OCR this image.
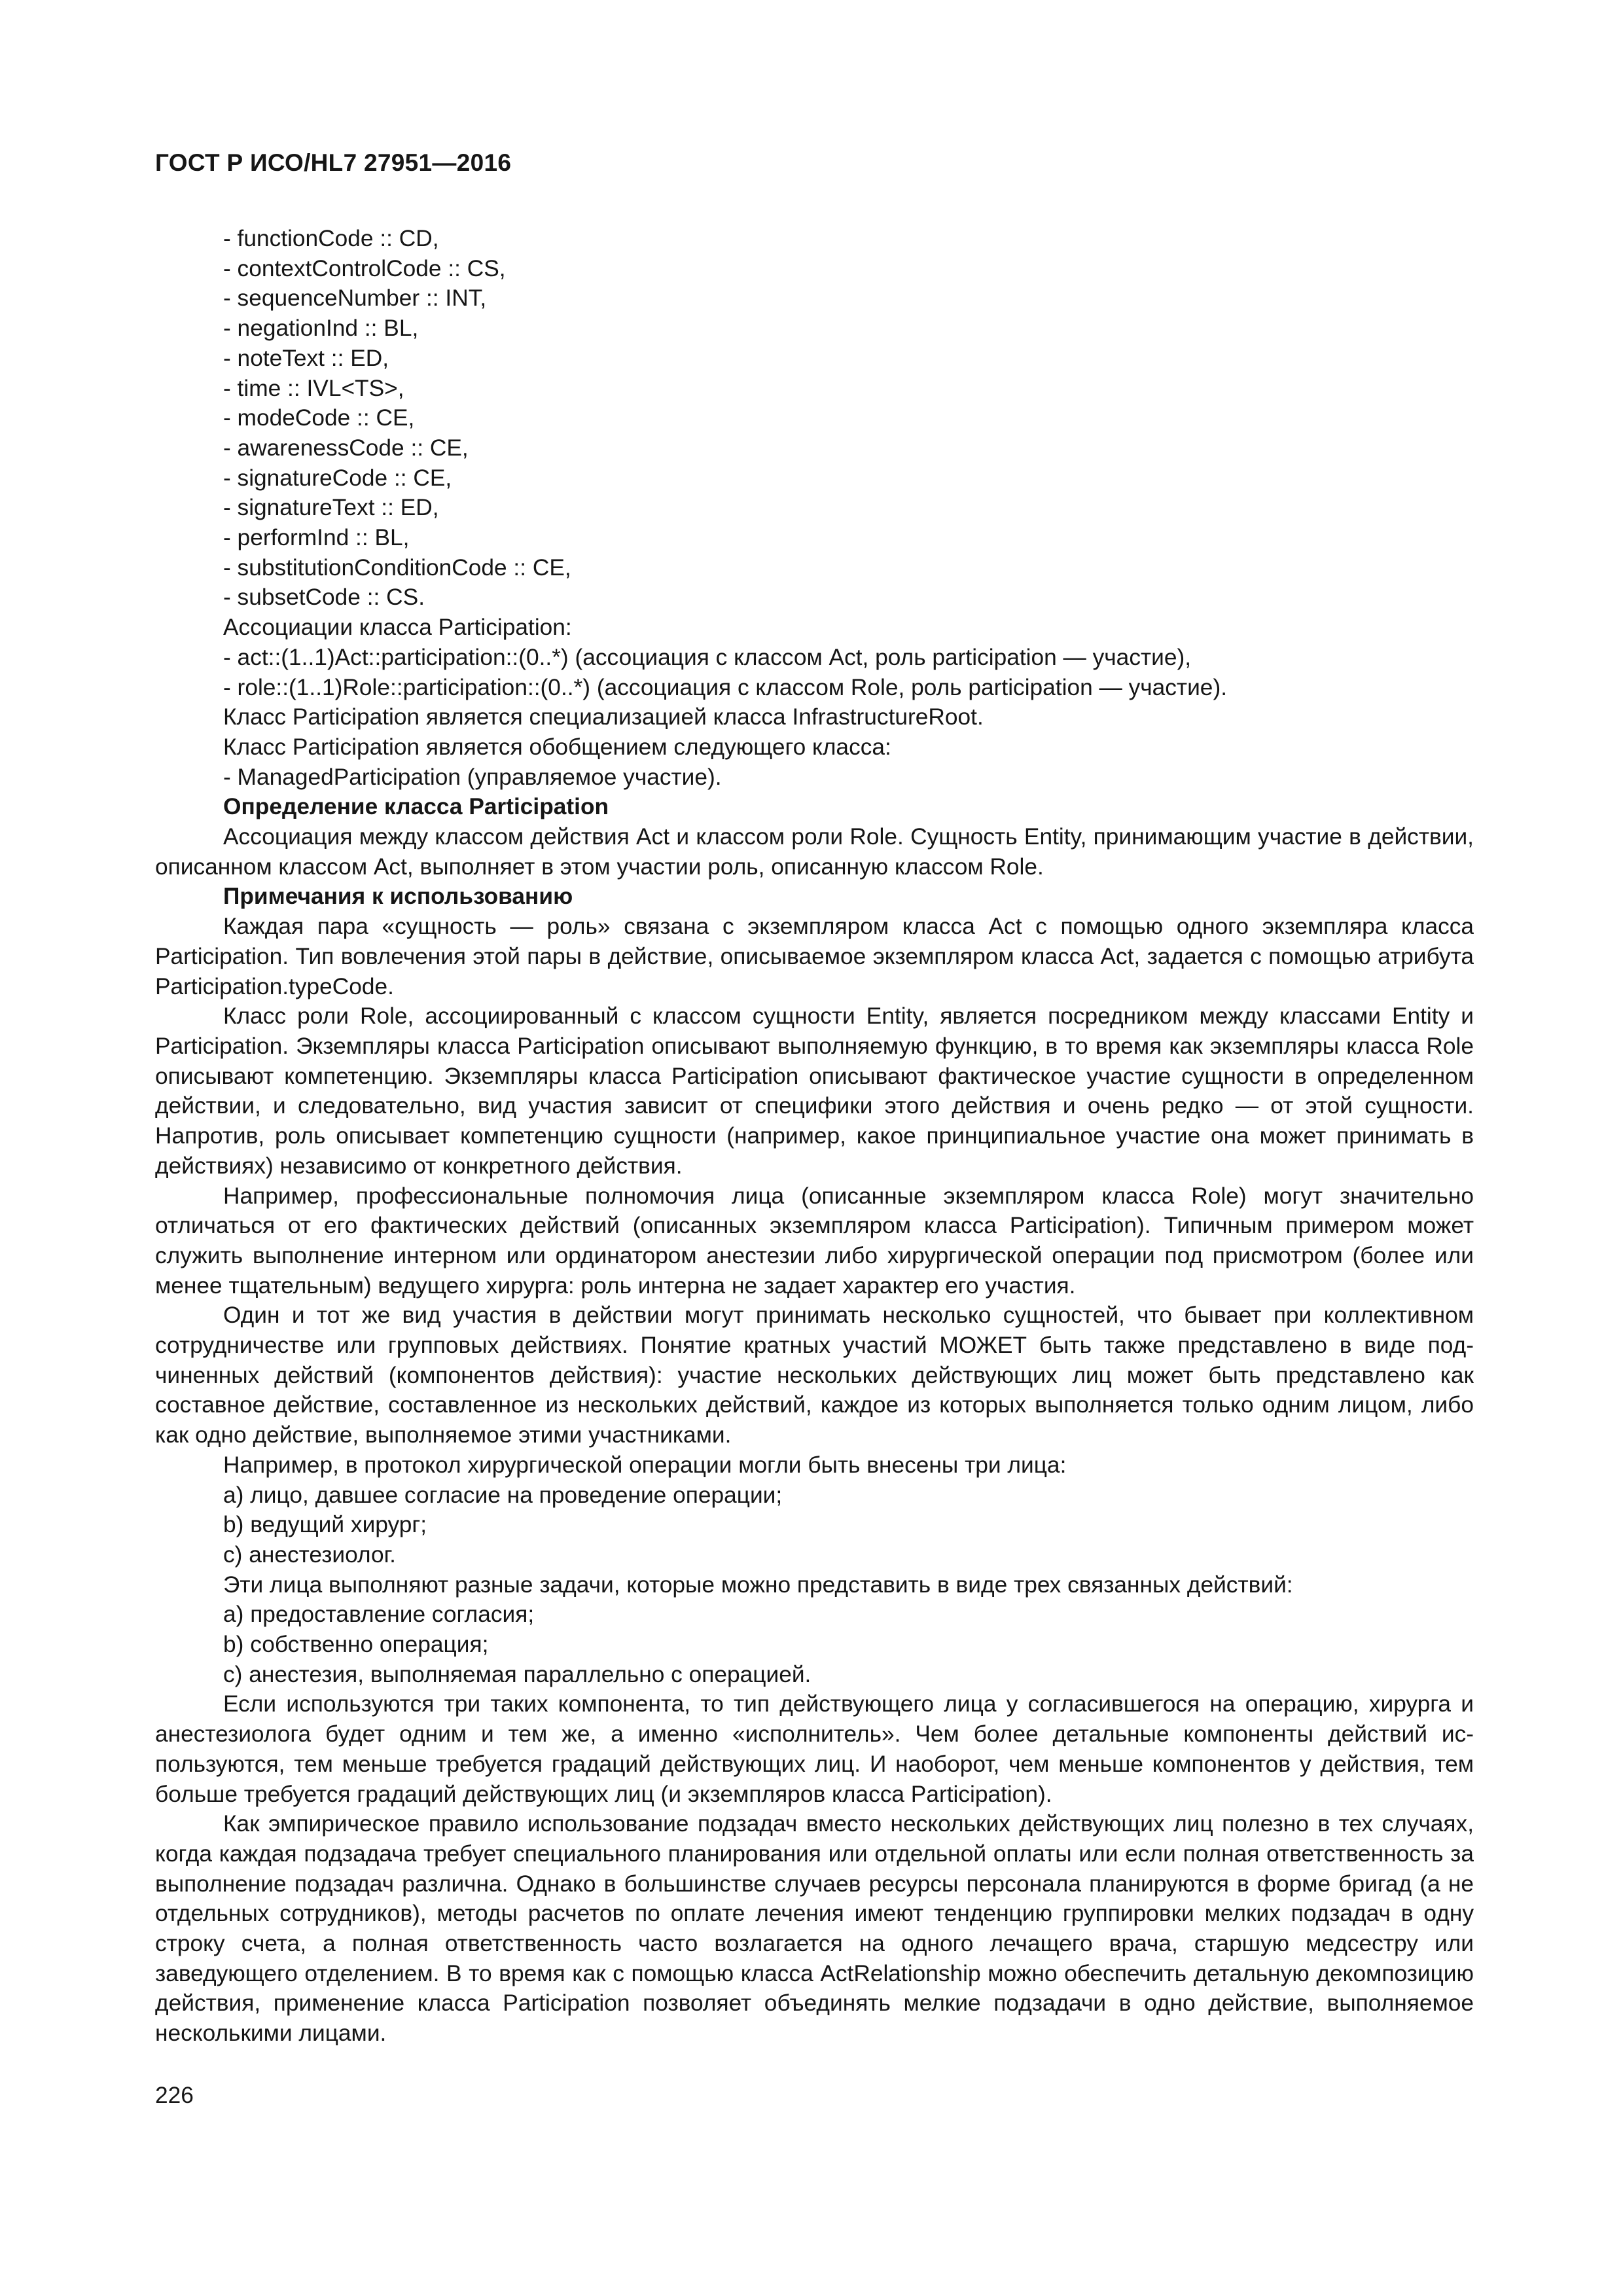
ГОСТ Р ИСО/HL7 27951—2016

- functionCode :: CD,

- contextControlCode :: CS,

- sequenceNumber :: INT,

- negationInd :: BL,

- noteText :: ED,

- time :: IVL<TS>,

- modeCode :: CE,

- awarenessCode :: CE,

- signatureCode :: CE,

- signatureText :: ED,

- performInd :: BL,

- substitutionConditionCode :: CE,

- subsetCode :: CS.

Ассоциации класса Participation:

- act::(1..1)Act::participation::(0..*) (ассоциация с классом Act, роль participation — участие),

- role::(1..1)Role::participation::(0..*) (ассоциация с классом Role, роль participation — участие).

Класс Participation является специализацией класса InfrastructureRoot.

Класс Participation является обобщением следующего класса:

- ManagedParticipation (управляемое участие).

Определение класса Participation

Ассоциация между классом действия Act и классом роли Role. Сущность Entity, принимающим участие в действии, описанном классом Act, выполняет в этом участии роль, описанную классом Role.

Примечания к использованию

Каждая пара «сущность — роль» связана с экземпляром класса Act с помощью одного экземпляра класса Participation. Тип вовлечения этой пары в действие, описываемое экземпляром класса Act, задается с помощью атрибута Participation.typeCode.

Класс роли Role, ассоциированный с классом сущности Entity, является посредником между классами Entity и Participation. Экземпляры класса Participation описывают выполняемую функцию, в то время как экземпляры класса Role описывают компетенцию. Экземпляры класса Participation описывают фактическое участие сущности в определенном действии, и следовательно, вид участия зависит от специфики этого действия и очень редко — от этой сущности. Напротив, роль описывает компетенцию сущности (например, какое принципиальное участие она может принимать в действиях) независимо от конкретного действия.

Например, профессиональные полномочия лица (описанные экземпляром класса Role) могут значительно отличаться от его фактических действий (описанных экземпляром класса Participation). Типичным примером может служить выполнение интерном или ординатором анестезии либо хирургической операции под присмотром (более или менее тщательным) ведущего хирурга: роль интерна не задает характер его участия.

Один и тот же вид участия в действии могут принимать несколько сущностей, что бывает при коллективном сотрудничестве или групповых действиях. Понятие кратных участий МОЖЕТ быть также представлено в виде подчиненных действий (компонентов действия): участие нескольких действующих лиц может быть представлено как составное действие, составленное из нескольких действий, каждое из которых выполняется только одним лицом, либо как одно действие, выполняемое этими участниками.

Например, в протокол хирургической операции могли быть внесены три лица:

a) лицо, давшее согласие на проведение операции;

b) ведущий хирург;

c) анестезиолог.

Эти лица выполняют разные задачи, которые можно представить в виде трех связанных действий:

a) предоставление согласия;

b) собственно операция;

c) анестезия, выполняемая параллельно с операцией.

Если используются три таких компонента, то тип действующего лица у согласившегося на операцию, хирурга и анестезиолога будет одним и тем же, а именно «исполнитель». Чем более детальные компоненты действий используются, тем меньше требуется градаций действующих лиц. И наоборот, чем меньше компонентов у действия, тем больше требуется градаций действующих лиц (и экземпляров класса Participation).

Как эмпирическое правило использование подзадач вместо нескольких действующих лиц полезно в тех случаях, когда каждая подзадача требует специального планирования или отдельной оплаты или если полная ответственность за выполнение подзадач различна. Однако в большинстве случаев ресурсы персонала планируются в форме бригад (а не отдельных сотрудников), методы расчетов по оплате лечения имеют тенденцию группировки мелких подзадач в одну строку счета, а полная ответственность часто возлагается на одного лечащего врача, старшую медсестру или заведующего отделением. В то время как с помощью класса ActRelationship можно обеспечить детальную декомпозицию действия, применение класса Participation позволяет объединять мелкие подзадачи в одно действие, выполняемое несколькими лицами.

226
